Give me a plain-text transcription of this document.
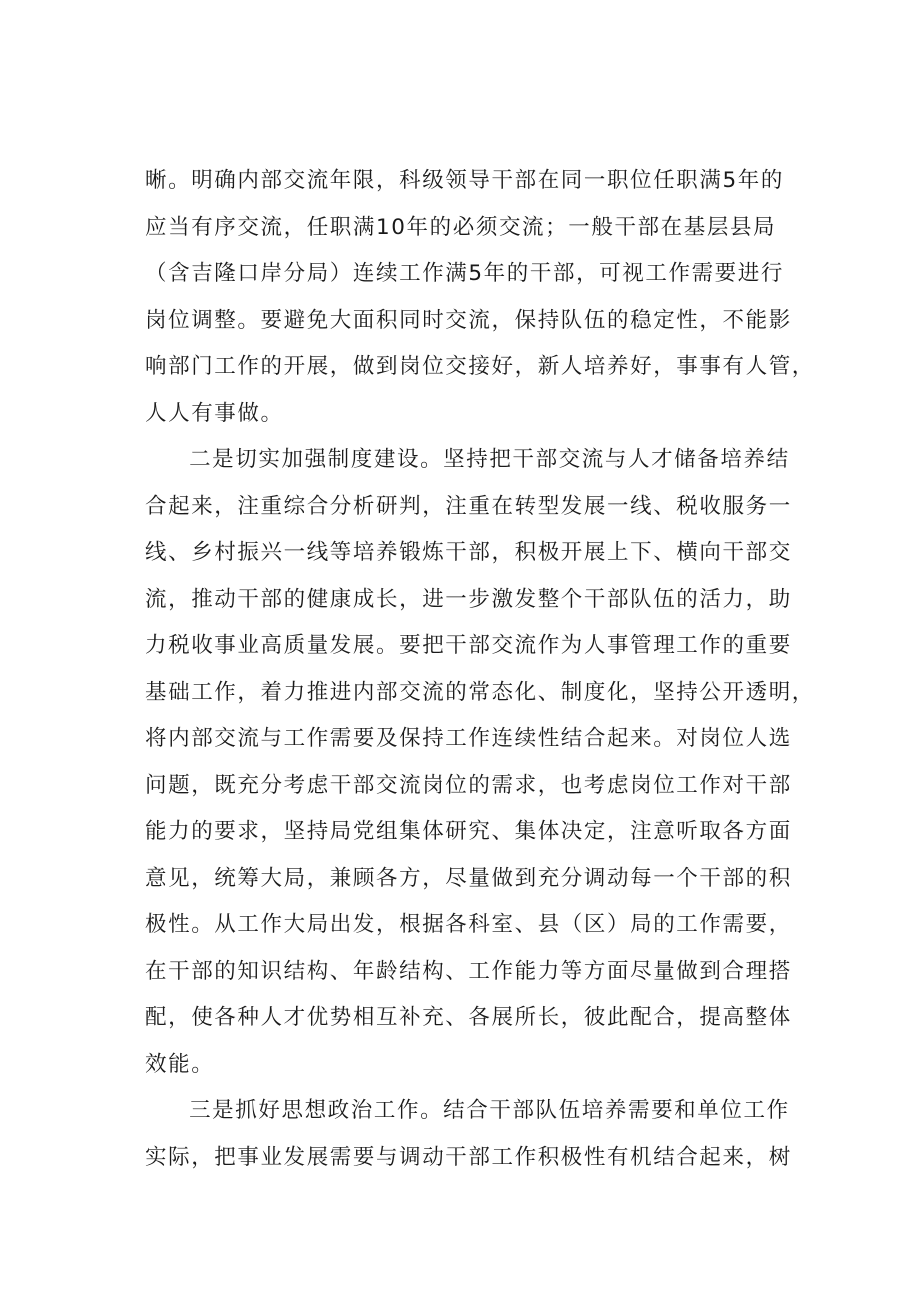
晰。明确内部交流年限，科级领导干部在同一职位任职满5年的
应当有序交流，任职满10年的必须交流；一般干部在基层县局
（含吉隆口岸分局）连续工作满5年的干部，可视工作需要进行
岗位调整。要避免大面积同时交流，保持队伍的稳定性，不能影
响部门工作的开展，做到岗位交接好，新人培养好，事事有人管，
人人有事做。
二是切实加强制度建设。坚持把干部交流与人才储备培养结
合起来，注重综合分析研判，注重在转型发展一线、税收服务一
线、乡村振兴一线等培养锻炼干部，积极开展上下、横向干部交
流，推动干部的健康成长，进一步激发整个干部队伍的活力，助
力税收事业高质量发展。要把干部交流作为人事管理工作的重要
基础工作，着力推进内部交流的常态化、制度化，坚持公开透明，
将内部交流与工作需要及保持工作连续性结合起来。对岗位人选
问题，既充分考虑干部交流岗位的需求，也考虑岗位工作对干部
能力的要求，坚持局党组集体研究、集体决定，注意听取各方面
意见，统筹大局，兼顾各方，尽量做到充分调动每一个干部的积
极性。从工作大局出发，根据各科室、县（区）局的工作需要，
在干部的知识结构、年龄结构、工作能力等方面尽量做到合理搭
配，使各种人才优势相互补充、各展所长，彼此配合，提高整体
效能。
三是抓好思想政治工作。结合干部队伍培养需要和单位工作
实际，把事业发展需要与调动干部工作积极性有机结合起来，树
